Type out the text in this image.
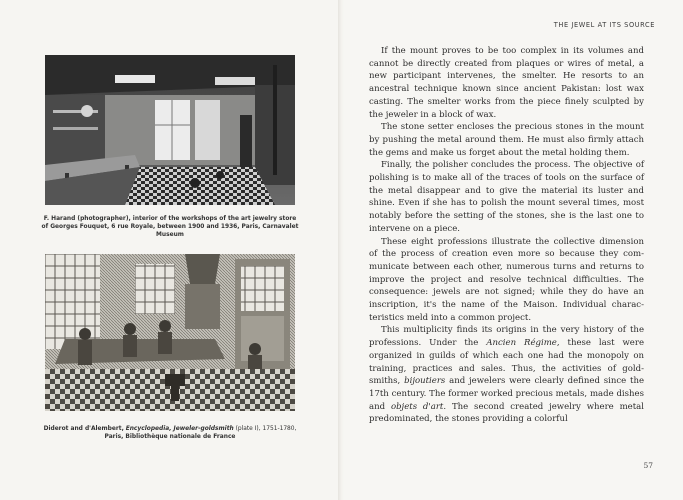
THE JEWEL AT ITS SOURCE
F. Harand (photographer), interior of the workshops of the art jewelry store
of Georges Fouquet, 6 rue Royale, between 1900 and 1936, Paris, Carnavalet Museum
Diderot and d'Alembert, Encyclopedia, Jeweler-goldsmith (plate I), 1751-1780,
Paris, Bibliothèque nationale de France

If the mount proves to be too complex in its volumes and cannot be directly created from plaques or wires of metal, a new participant intervenes, the smelter. He resorts to an ancestral technique known since ancient Pakistan: lost wax casting. The smelter works from the piece finely sculpted by the jeweler in a block of wax.

The stone setter encloses the precious stones in the mount by pushing the metal around them. He must also firmly attach the gems and make us forget about the metal holding them.

Finally, the polisher concludes the process. The objective of polishing is to make all of the traces of tools on the surface of the metal disappear and to give the material its luster and shine. Even if she has to polish the mount several times, most notably before the setting of the stones, she is the last one to intervene on a piece.

These eight professions illustrate the collective dimension of the process of creation even more so because they com- municate between each other, numerous turns and returns to improve the project and resolve technical difficulties. The consequence: jewels are not signed; while they do have an inscription, it's the name of the Maison. Individual charac- teristics meld into a common project.

This multiplicity finds its origins in the very history of the professions. Under the Ancien Régime, these last were organized in guilds of which each one had the monopoly on training, practices and sales. Thus, the activities of gold- smiths, bijoutiers and jewelers were clearly defined since the 17th century. The former worked precious metals, made dishes and objets d'art. The second created jewelry where metal predominated, the stones providing a colorful

57
